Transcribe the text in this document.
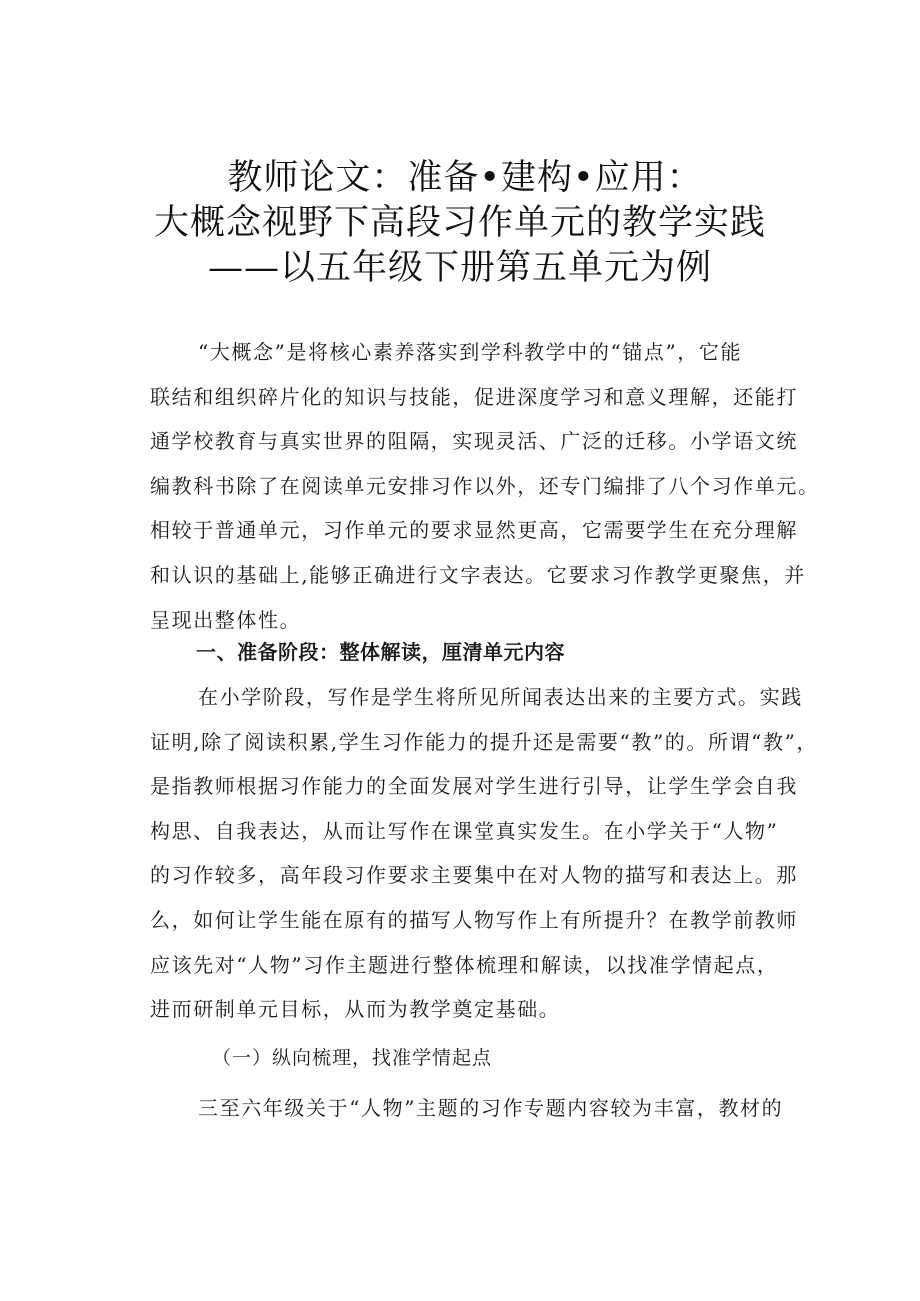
教师论文：准备•建构•应用：
大概念视野下高段习作单元的教学实践
——以五年级下册第五单元为例
“大概念”是将核心素养落实到学科教学中的“锚点”，它能
联结和组织碎片化的知识与技能，促进深度学习和意义理解，还能打
通学校教育与真实世界的阻隔，实现灵活、广泛的迁移。小学语文统
编教科书除了在阅读单元安排习作以外，还专门编排了八个习作单元。
相较于普通单元，习作单元的要求显然更高，它需要学生在充分理解
和认识的基础上,能够正确进行文字表达。它要求习作教学更聚焦，并
呈现出整体性。
一、准备阶段：整体解读，厘清单元内容
在小学阶段，写作是学生将所见所闻表达出来的主要方式。实践
证明,除了阅读积累,学生习作能力的提升还是需要“教”的。所谓“教”，
是指教师根据习作能力的全面发展对学生进行引导，让学生学会自我
构思、自我表达，从而让写作在课堂真实发生。在小学关于“人物”
的习作较多，高年段习作要求主要集中在对人物的描写和表达上。那
么，如何让学生能在原有的描写人物写作上有所提升？在教学前教师
应该先对“人物”习作主题进行整体梳理和解读，以找准学情起点，
进而研制单元目标，从而为教学奠定基础。
（一）纵向梳理，找准学情起点
三至六年级关于“人物”主题的习作专题内容较为丰富，教材的
